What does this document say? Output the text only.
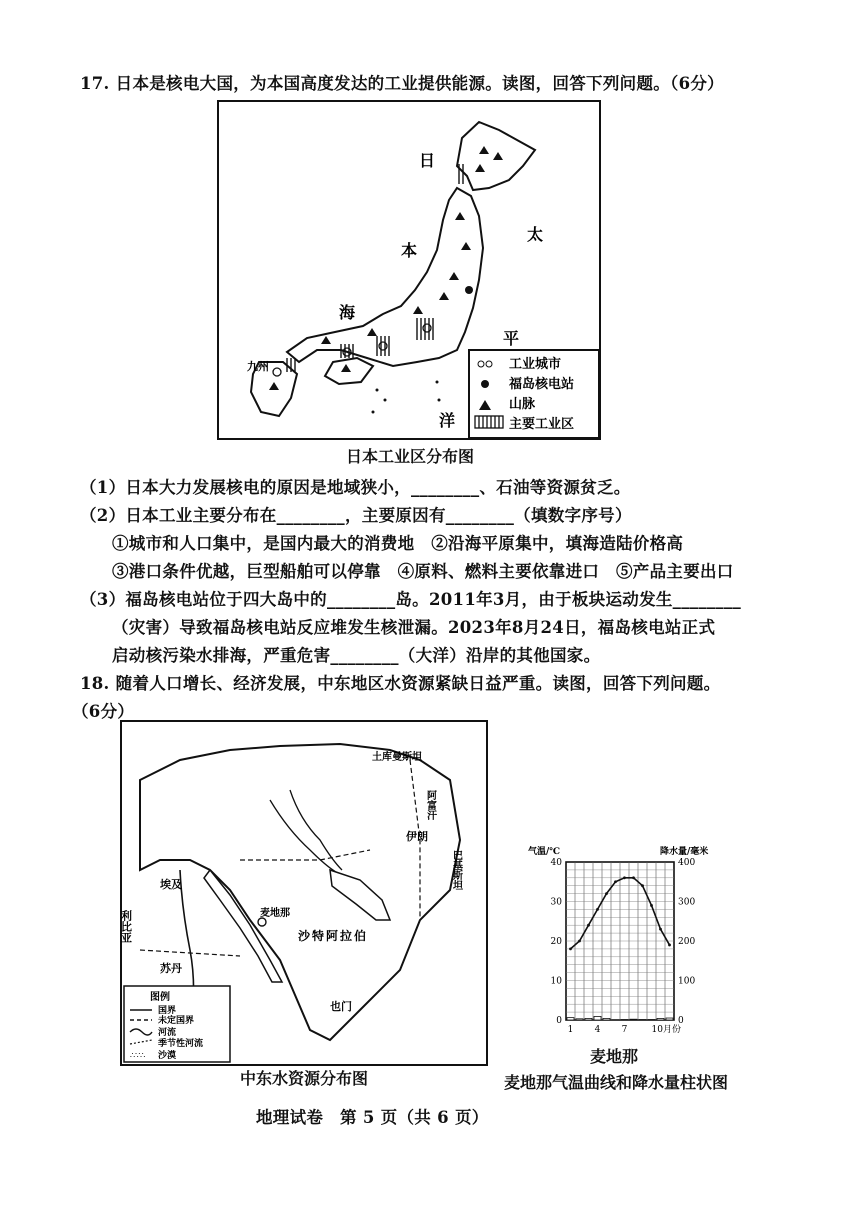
17. 日本是核电大国，为本国高度发达的工业提供能源。读图，回答下列问题。（6分）
日
本
海
太
平
洋
九州	工业城市
福岛核电站
山脉
主要工业区
日本工业区分布图
（1）日本大力发展核电的原因是地域狭小，________、石油等资源贫乏。
（2）日本工业主要分布在________，主要原因有________（填数字序号）
①城市和人口集中，是国内最大的消费地　②沿海平原集中，填海造陆价格高
③港口条件优越，巨型船舶可以停靠　④原料、燃料主要依靠进口　⑤产品主要出口
（3）福岛核电站位于四大岛中的________岛。2011年3月，由于板块运动发生________
（灾害）导致福岛核电站反应堆发生核泄漏。2023年8月24日，福岛核电站正式
启动核污染水排海，严重危害________（大洋）沿岸的其他国家。
18. 随着人口增长、经济发展，中东地区水资源紧缺日益严重。读图，回答下列问题。
（6分）
麦地那
沙特阿拉伯
埃及
利比亚
苏丹
伊朗
阿富汗
巴基斯坦
也门
土库曼斯坦
图例
国界
未定国界
河流
季节性河流
∴∵∴ 沙漠
中东水资源分布图
气温/℃	降水量/毫米
0
10
20
30
40
0
100
200
300
400
1 4 7	10月份
麦地那
麦地那气温曲线和降水量柱状图
地理试卷　第 5 页（共 6 页）
